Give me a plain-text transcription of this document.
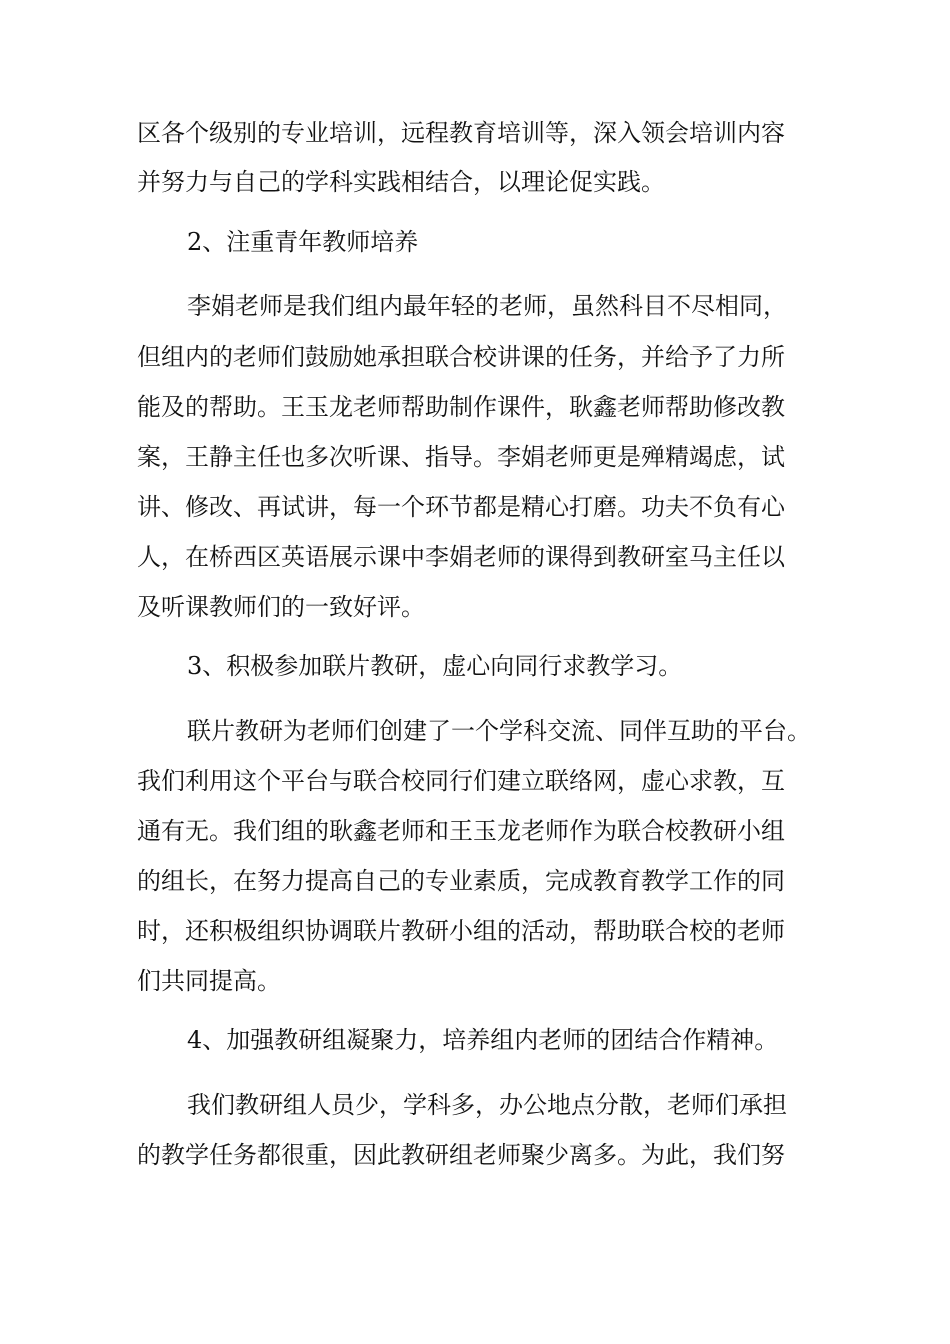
区各个级别的专业培训，远程教育培训等，深入领会培训内容
并努力与自己的学科实践相结合，以理论促实践。
2、注重青年教师培养
李娟老师是我们组内最年轻的老师，虽然科目不尽相同，
但组内的老师们鼓励她承担联合校讲课的任务，并给予了力所
能及的帮助。王玉龙老师帮助制作课件，耿鑫老师帮助修改教
案，王静主任也多次听课、指导。李娟老师更是殚精竭虑，试
讲、修改、再试讲，每一个环节都是精心打磨。功夫不负有心
人，在桥西区英语展示课中李娟老师的课得到教研室马主任以
及听课教师们的一致好评。
3、积极参加联片教研，虚心向同行求教学习。
联片教研为老师们创建了一个学科交流、同伴互助的平台。
我们利用这个平台与联合校同行们建立联络网，虚心求教，互
通有无。我们组的耿鑫老师和王玉龙老师作为联合校教研小组
的组长，在努力提高自己的专业素质，完成教育教学工作的同
时，还积极组织协调联片教研小组的活动，帮助联合校的老师
们共同提高。
4、加强教研组凝聚力，培养组内老师的团结合作精神。
我们教研组人员少，学科多，办公地点分散，老师们承担
的教学任务都很重，因此教研组老师聚少离多。为此，我们努
